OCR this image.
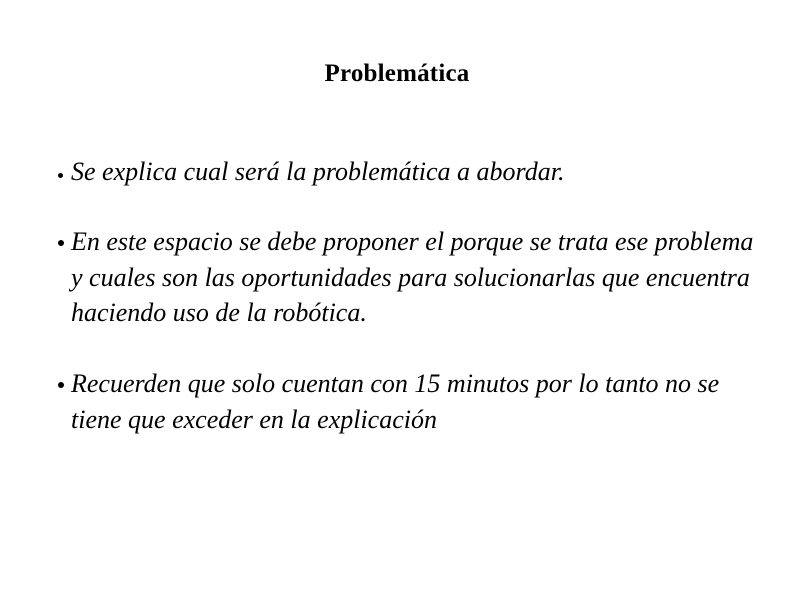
Problemática
Se explica cual será la problemática a abordar.
En este espacio se debe proponer el porque se trata ese problema y cuales son las oportunidades para solucionarlas que encuentra haciendo uso de la robótica.
Recuerden que solo cuentan con 15 minutos por lo tanto no se tiene que exceder en la explicación
